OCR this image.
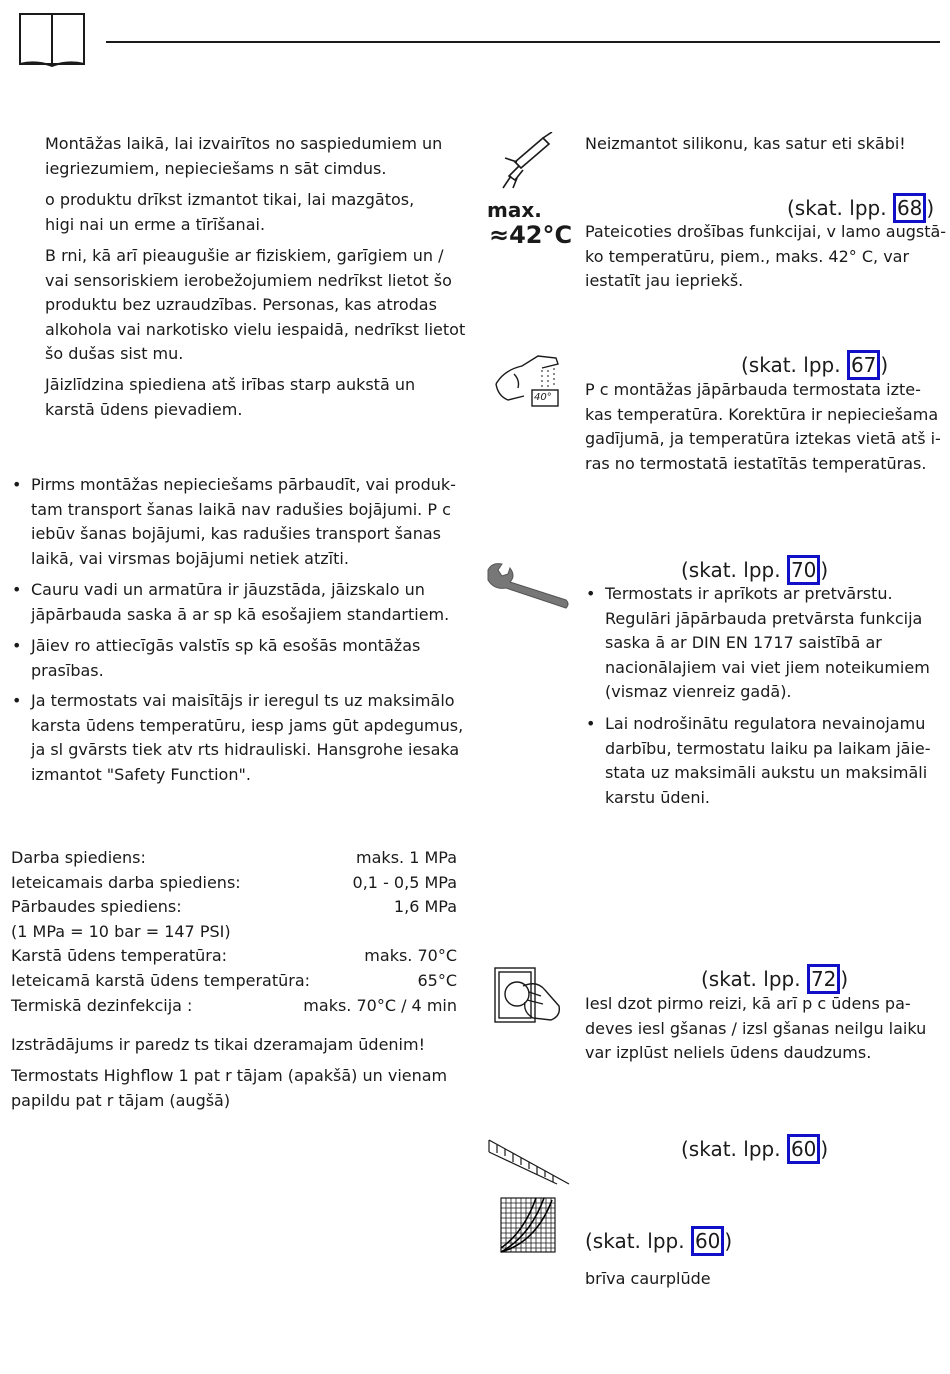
Montāžas laikā, lai izvairītos no saspiedumiem un
iegriezumiem, nepieciešams n sāt cimdus.

o produktu drīkst izmantot tikai, lai mazgātos,
higi nai un erme a tīrīšanai.

B rni, kā arī pieaugušie ar fiziskiem, garīgiem un /
vai sensoriskiem ierobežojumiem nedrīkst lietot šo
produktu bez uzraudzības. Personas, kas atrodas
alkohola vai narkotisko vielu iespaidā, nedrīkst lietot
šo dušas sist mu.

Jāizlīdzina spiediena atš irības starp aukstā un
karstā ūdens pievadiem.

• Pirms montāžas nepieciešams pārbaudīt, vai produk-
tam transport šanas laikā nav radušies bojājumi. P c
iebūv šanas bojājumi, kas radušies transport šanas
laikā, vai virsmas bojājumi netiek atzīti.
• Cauru vadi un armatūra ir jāuzstāda, jāizskalo un
jāpārbauda saska ā ar sp kā esošajiem standartiem.
• Jāiev ro attiecīgās valstīs sp kā esošās montāžas
prasības.
• Ja termostats vai maisītājs ir ieregul ts uz maksimālo
karsta ūdens temperatūru, iesp jams gūt apdegumus,
ja sl gvārsts tiek atv rts hidrauliski. Hansgrohe iesaka
izmantot "Safety Function".
Darba spiediens:	maks. 1 MPa
Ieteicamais darba spiediens:	0,1 - 0,5 MPa
Pārbaudes spiediens:	1,6 MPa
(1 MPa = 10 bar = 147 PSI)
Karstā ūdens temperatūra:	maks. 70°C
Ieteicamā karstā ūdens temperatūra:	65°C
Termiskā dezinfekcija :	maks. 70°C / 4 min

Izstrādājums ir paredz ts tikai dzeramajam ūdenim!

Termostats Highflow 1 pat r tājam (apakšā) un vienam
papildu pat r tājam (augšā)

Neizmantot silikonu, kas satur eti skābi!

max.
≈42°C
(skat. lpp. 68 )

Pateicoties drošības funkcijai, v lamo augstā-
ko temperatūru, piem., maks. 42° C, var
iestatīt jau iepriekš.

40°
(skat. lpp. 67 )

P c montāžas jāpārbauda termostata izte-
kas temperatūra. Korektūra ir nepieciešama
gadījumā, ja temperatūra iztekas vietā atš i-
ras no termostatā iestatītās temperatūras.

(skat. lpp. 70 )
• Termostats ir aprīkots ar pretvārstu.
Regulāri jāpārbauda pretvārsta funkcija
saska ā ar DIN EN 1717 saistībā ar
nacionālajiem vai viet jiem noteikumiem
(vismaz vienreiz gadā).
• Lai nodrošinātu regulatora nevainojamu
darbību, termostatu laiku pa laikam jāie-
stata uz maksimāli aukstu un maksimāli
karstu ūdeni.
(skat. lpp. 72 )

Iesl dzot pirmo reizi, kā arī p c ūdens pa-
deves iesl gšanas / izsl gšanas neilgu laiku
var izplūst neliels ūdens daudzums.

(skat. lpp. 60 )
(skat. lpp. 60 )

brīva caurplūde
